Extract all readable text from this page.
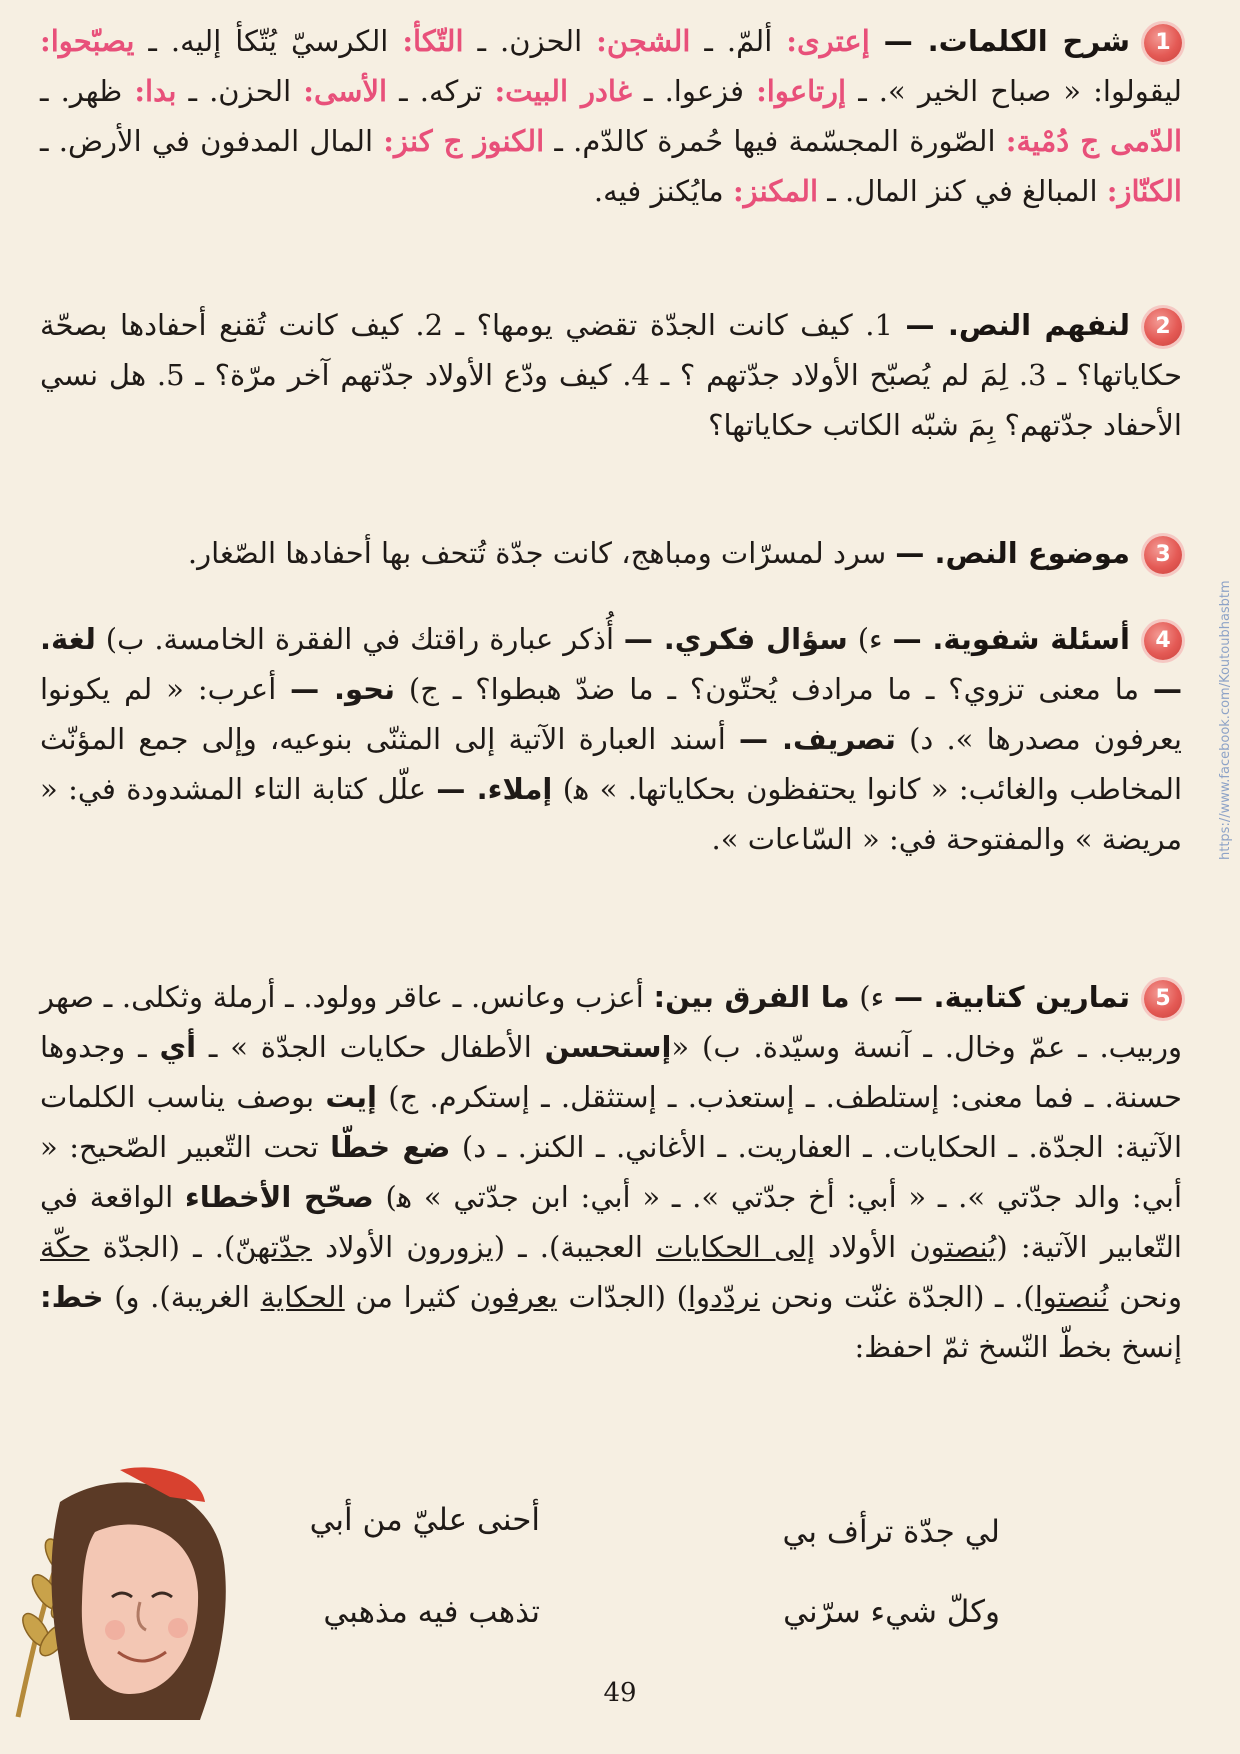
1شرح الكلمات. — إعترى: ألمّ. ـ الشجن: الحزن. ـ التّكأ: الكرسيّ يُتّكأ إليه. ـ يصبّحوا: ليقولوا: « صباح الخير ». ـ إرتاعوا: فزعوا. ـ غادر البيت: تركه. ـ الأسى: الحزن. ـ بدا: ظهر. ـ الدّمى ج دُمْية: الصّورة المجسّمة فيها حُمرة كالدّم. ـ الكنوز ج كنز: المال المدفون في الأرض. ـ الكنّاز: المبالغ في كنز المال. ـ المكنز: مايُكنز فيه.
2لنفهم النص. — 1. كيف كانت الجدّة تقضي يومها؟ ـ 2. كيف كانت تُقنع أحفادها بصحّة حكاياتها؟ ـ 3. لِمَ لم يُصبّح الأولاد جدّتهم ؟ ـ 4. كيف ودّع الأولاد جدّتهم آخر مرّة؟ ـ 5. هل نسي الأحفاد جدّتهم؟ بِمَ شبّه الكاتب حكاياتها؟
3موضوع النص. — سرد لمسرّات ومباهج، كانت جدّة تُتحف بها أحفادها الصّغار.
4أسئلة شفوية. — ء) سؤال فكري. — أُذكر عبارة راقتك في الفقرة الخامسة. ب) لغة. — ما معنى تزوي؟ ـ ما مرادف يُحتّون؟ ـ ما ضدّ هبطوا؟ ـ ج) نحو. — أعرب: « لم يكونوا يعرفون مصدرها ». د) تصريف. — أسند العبارة الآتية إلى المثنّى بنوعيه، وإلى جمع المؤنّث المخاطب والغائب: « كانوا يحتفظون بحكاياتها. » ﻫ) إملاء. — علّل كتابة التاء المشدودة في: « مريضة » والمفتوحة في: « السّاعات ».
5تمارين كتابية. — ء) ما الفرق بين: أعزب وعانس. ـ عاقر وولود. ـ أرملة وثكلى. ـ صهر وربيب. ـ عمّ وخال. ـ آنسة وسيّدة. ب) «إستحسن الأطفال حكايات الجدّة » ـ أي ـ وجدوها حسنة. ـ فما معنى: إستلطف. ـ إستعذب. ـ إستثقل. ـ إستكرم. ج) إيت بوصف يناسب الكلمات الآتية: الجدّة. ـ الحكايات. ـ العفاريت. ـ الأغاني. ـ الكنز. ـ د) ضع خطّا تحت التّعبير الصّحيح: « أبي: والد جدّتي ». ـ « أبي: أخ جدّتي ». ـ « أبي: ابن جدّتي » ﻫ) صحّح الأخطاء الواقعة في التّعابير الآتية: (يُنصتون الأولاد إلى الحكايات العجيبة). ـ (يزورون الأولاد جدّتهنّ). ـ (الجدّة حكّة ونحن نُنصتوا). ـ (الجدّة غنّت ونحن نردّدوا) (الجدّات يعرفون كثيرا من الحكاية الغريبة). و) خط: إنسخ بخطّ النّسخ ثمّ احفظ:
لي جدّة ترأف بي
أحنى عليّ من أبي
وكلّ شيء سرّني
تذهب فيه مذهبي
49
https://www.facebook.com/Koutoubhasbtm
